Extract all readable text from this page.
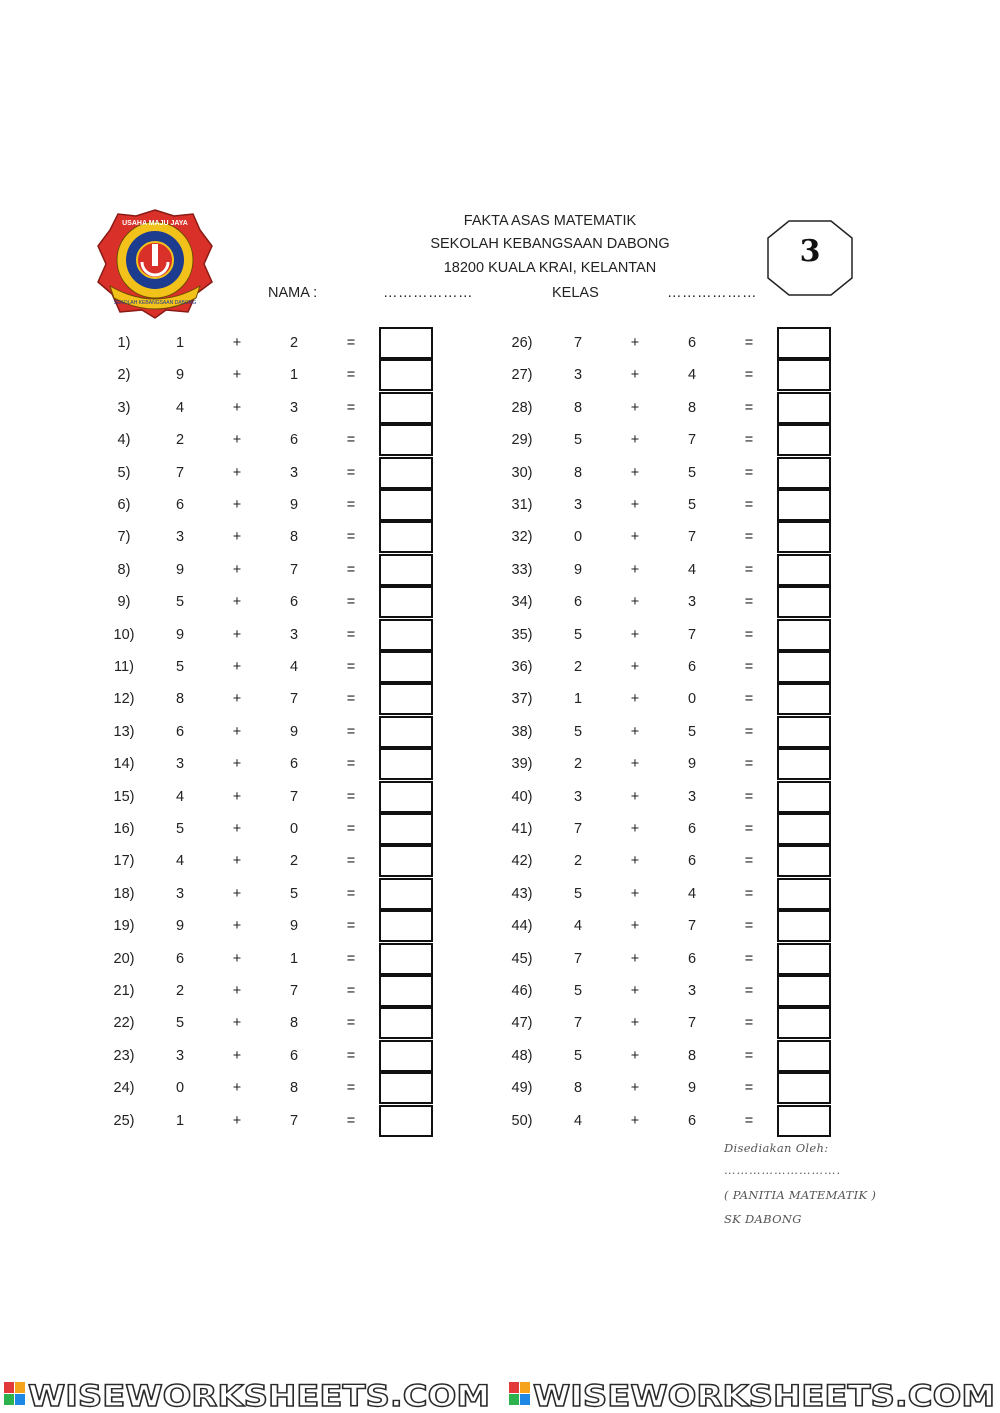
USAHA MAJU JAYA
SEKOLAH KEBANGSAAN DABONG
FAKTA ASAS MATEMATIK
SEKOLAH KEBANGSAAN DABONG
18200 KUALA KRAI, KELANTAN
NAMA :	………………	KELAS	………………
3
1)	1	+	2	=
2)	9	+	1	=
3)	4	+	3	=
4)	2	+	6	=
5)	7	+	3	=
6)	6	+	9	=
7)	3	+	8	=
8)	9	+	7	=
9)	5	+	6	=
10)	9	+	3	=
11)	5	+	4	=
12)	8	+	7	=
13)	6	+	9	=
14)	3	+	6	=
15)	4	+	7	=
16)	5	+	0	=
17)	4	+	2	=
18)	3	+	5	=
19)	9	+	9	=
20)	6	+	1	=
21)	2	+	7	=
22)	5	+	8	=
23)	3	+	6	=
24)	0	+	8	=
25)	1	+	7	=
26)	7	+	6	=
27)	3	+	4	=
28)	8	+	8	=
29)	5	+	7	=
30)	8	+	5	=
31)	3	+	5	=
32)	0	+	7	=
33)	9	+	4	=
34)	6	+	3	=
35)	5	+	7	=
36)	2	+	6	=
37)	1	+	0	=
38)	5	+	5	=
39)	2	+	9	=
40)	3	+	3	=
41)	7	+	6	=
42)	2	+	6	=
43)	5	+	4	=
44)	4	+	7	=
45)	7	+	6	=
46)	5	+	3	=
47)	7	+	7	=
48)	5	+	8	=
49)	8	+	9	=
50)	4	+	6	=
Disediakan Oleh:
……………………….
( PANITIA MATEMATIK )
SK DABONG
WISEWORKSHEETS.COM WISEWORKSHEETS.COM
